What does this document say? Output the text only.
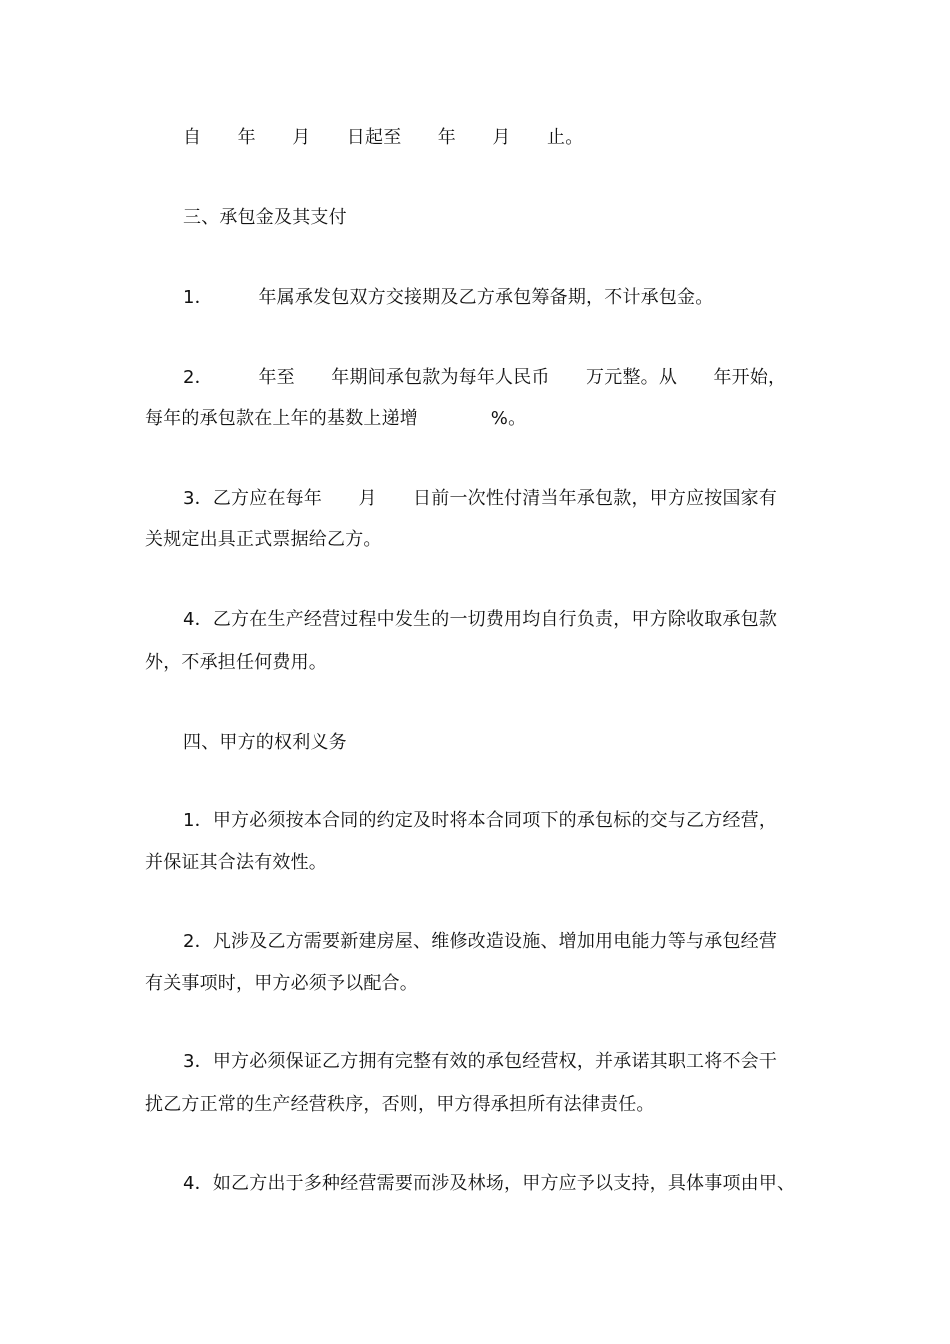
自　　年　　月　　日起至　　年　　月　　止。
三、承包金及其支付
1．　　　年属承发包双方交接期及乙方承包筹备期，不计承包金。
2．　　　年至　　年期间承包款为每年人民币　　万元整。从　　年开始，
每年的承包款在上年的基数上递增　　　　%。
3．乙方应在每年　　月　　日前一次性付清当年承包款，甲方应按国家有
关规定出具正式票据给乙方。
4．乙方在生产经营过程中发生的一切费用均自行负责，甲方除收取承包款
外，不承担任何费用。
四、甲方的权利义务
1．甲方必须按本合同的约定及时将本合同项下的承包标的交与乙方经营，
并保证其合法有效性。
2．凡涉及乙方需要新建房屋、维修改造设施、增加用电能力等与承包经营
有关事项时，甲方必须予以配合。
3．甲方必须保证乙方拥有完整有效的承包经营权，并承诺其职工将不会干
扰乙方正常的生产经营秩序，否则，甲方得承担所有法律责任。
4．如乙方出于多种经营需要而涉及林场，甲方应予以支持，具体事项由甲、
